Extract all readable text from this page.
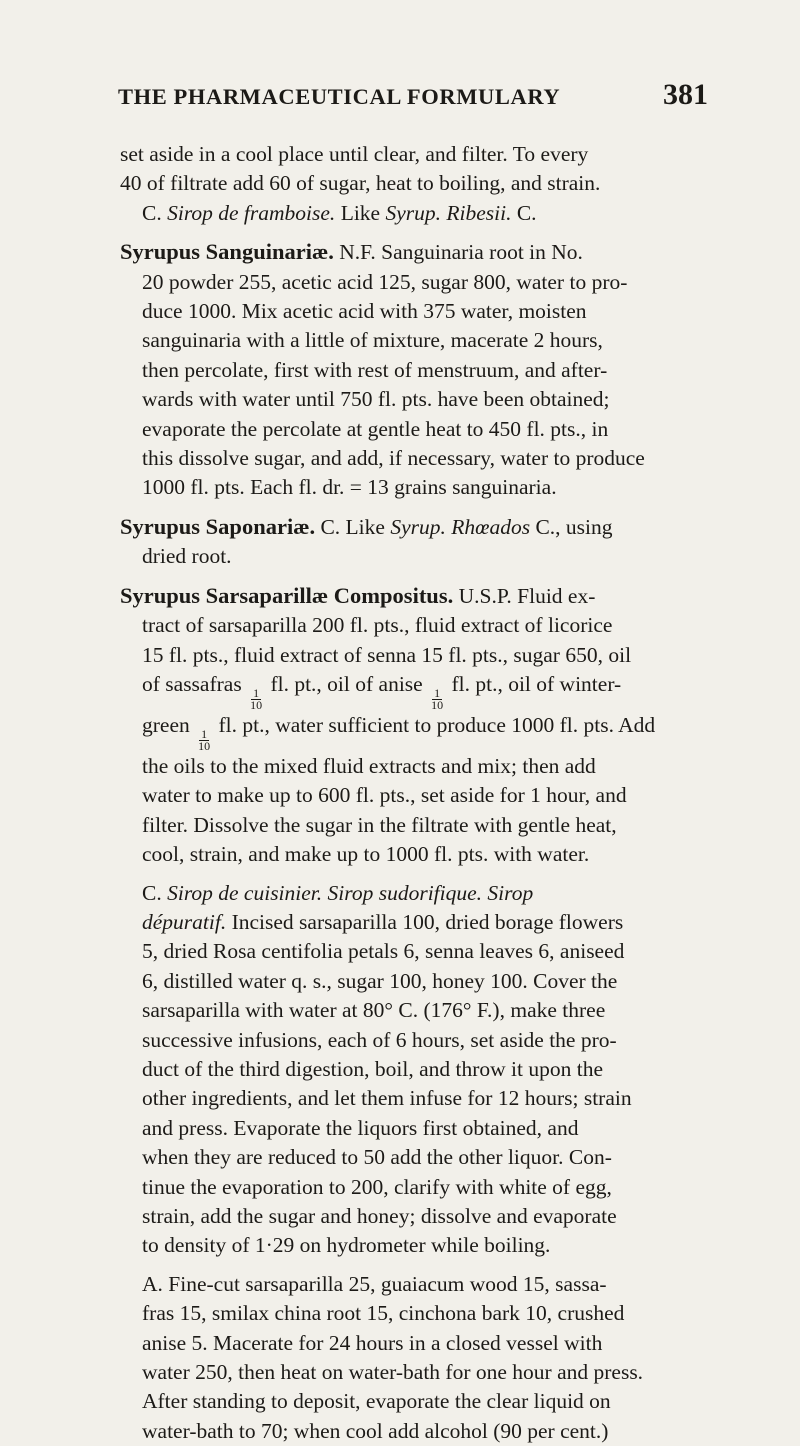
THE PHARMACEUTICAL FORMULARY	381

set aside in a cool place until clear, and filter. To every
40 of filtrate add 60 of sugar, heat to boiling, and strain.
C. Sirop de framboise. Like Syrup. Ribesii. C.

Syrupus Sanguinariæ. N.F. Sanguinaria root in No.
20 powder 255, acetic acid 125, sugar 800, water to pro-
duce 1000. Mix acetic acid with 375 water, moisten
sanguinaria with a little of mixture, macerate 2 hours,
then percolate, first with rest of menstruum, and after-
wards with water until 750 fl. pts. have been obtained;
evaporate the percolate at gentle heat to 450 fl. pts., in
this dissolve sugar, and add, if necessary, water to produce
1000 fl. pts. Each fl. dr. = 13 grains sanguinaria.

Syrupus Saponariæ. C. Like Syrup. Rhœados C., using
dried root.

Syrupus Sarsaparillæ Compositus. U.S.P. Fluid ex-
tract of sarsaparilla 200 fl. pts., fluid extract of licorice
15 fl. pts., fluid extract of senna 15 fl. pts., sugar 650, oil
of sassafras
$\frac{1}{10}$
fl. pt., oil of anise
$\frac{1}{10}$
fl. pt., oil of winter-
green
$\frac{1}{10}$
fl. pt., water sufficient to produce 1000 fl. pts. Add
the oils to the mixed fluid extracts and mix; then add
water to make up to 600 fl. pts., set aside for 1 hour, and
filter. Dissolve the sugar in the filtrate with gentle heat,
cool, strain, and make up to 1000 fl. pts. with water.

C. Sirop de cuisinier. Sirop sudorifique. Sirop
dépuratif. Incised sarsaparilla 100, dried borage flowers
5, dried Rosa centifolia petals 6, senna leaves 6, aniseed
6, distilled water q. s., sugar 100, honey 100. Cover the
sarsaparilla with water at 80° C. (176° F.), make three
successive infusions, each of 6 hours, set aside the pro-
duct of the third digestion, boil, and throw it upon the
other ingredients, and let them infuse for 12 hours; strain
and press. Evaporate the liquors first obtained, and
when they are reduced to 50 add the other liquor. Con-
tinue the evaporation to 200, clarify with white of egg,
strain, add the sugar and honey; dissolve and evaporate
to density of 1·29 on hydrometer while boiling.

A. Fine-cut sarsaparilla 25, guaiacum wood 15, sassa-
fras 15, smilax china root 15, cinchona bark 10, crushed
anise 5. Macerate for 24 hours in a closed vessel with
water 250, then heat on water-bath for one hour and press.
After standing to deposit, evaporate the clear liquid on
water-bath to 70; when cool add alcohol (90 per cent.)
